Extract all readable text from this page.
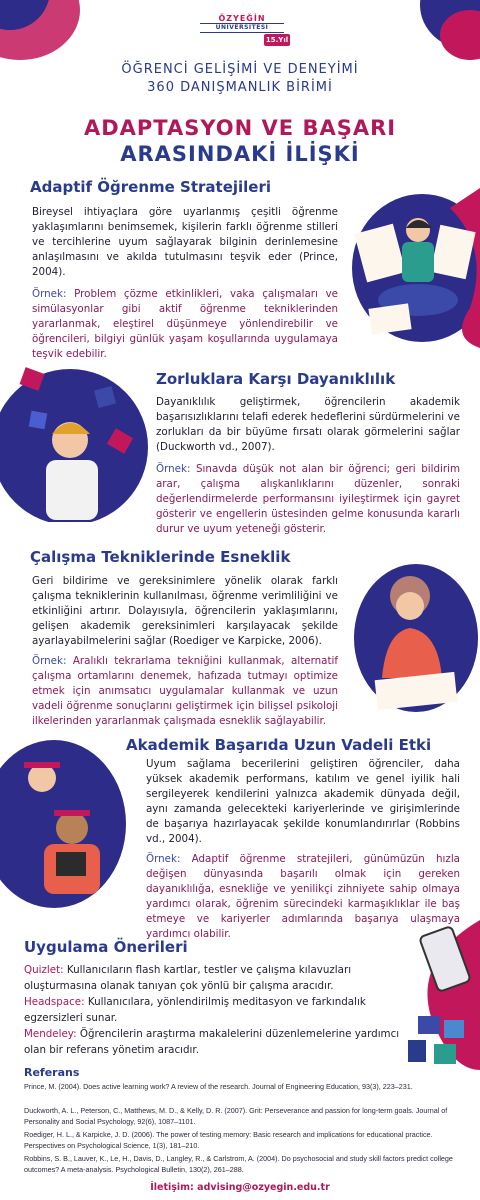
ÖZYEĞİN
ÜNİVERSİTESİ
15.Yıl
ÖĞRENCİ GELİŞİMİ VE DENEYİMİ
360 DANIŞMANLIK BİRİMİ
ADAPTASYON VE BAŞARI
ARASINDAKİ İLİŞKİ
Adaptif Öğrenme Stratejileri
Bireysel ihtiyaçlara göre uyarlanmış çeşitli öğrenme yaklaşımlarını benimsemek, kişilerin farklı öğrenme stilleri ve tercihlerine uyum sağlayarak bilginin derinlemesine anlaşılmasını ve akılda tutulmasını teşvik eder (Prince, 2004).
Örnek: Problem çözme etkinlikleri, vaka çalışmaları ve simülasyonlar gibi aktif öğrenme tekniklerinden yararlanmak, eleştirel düşünmeye yönlendirebilir ve öğrencileri, bilgiyi günlük yaşam koşullarında uygulamaya teşvik edebilir.
Zorluklara Karşı Dayanıklılık
Dayanıklılık geliştirmek, öğrencilerin akademik başarısızlıklarını telafi ederek hedeflerini sürdürmelerini ve zorlukları da bir büyüme fırsatı olarak görmelerini sağlar (Duckworth vd., 2007).
Örnek: Sınavda düşük not alan bir öğrenci; geri bildirim arar, çalışma alışkanlıklarını düzenler, sonraki değerlendirmelerde performansını iyileştirmek için gayret gösterir ve engellerin üstesinden gelme konusunda kararlı durur ve uyum yeteneği gösterir.
Çalışma Tekniklerinde Esneklik
Geri bildirime ve gereksinimlere yönelik olarak farklı çalışma tekniklerinin kullanılması, öğrenme verimliliğini ve etkinliğini artırır. Dolayısıyla, öğrencilerin yaklaşımlarını, gelişen akademik gereksinimleri karşılayacak şekilde ayarlayabilmelerini sağlar (Roediger ve Karpicke, 2006).
Örnek: Aralıklı tekrarlama tekniğini kullanmak, alternatif çalışma ortamlarını denemek, hafızada tutmayı optimize etmek için anımsatıcı uygulamalar kullanmak ve uzun vadeli öğrenme sonuçlarını geliştirmek için bilişsel psikoloji ilkelerinden yararlanmak çalışmada esneklik sağlayabilir.
Akademik Başarıda Uzun Vadeli Etki
Uyum sağlama becerilerini geliştiren öğrenciler, daha yüksek akademik performans, katılım ve genel iyilik hali sergileyerek kendilerini yalnızca akademik dünyada değil, aynı zamanda gelecekteki kariyerlerinde ve girişimlerinde de başarıya hazırlayacak şekilde konumlandırırlar (Robbins vd., 2004).
Örnek: Adaptif öğrenme stratejileri, günümüzün hızla değişen dünyasında başarılı olmak için gereken dayanıklılığa, esnekliğe ve yenilikçi zihniyete sahip olmaya yardımcı olarak, öğrenim sürecindeki karmaşıklıklar ile baş etmeye ve kariyerler adımlarında başarıya ulaşmaya yardımcı olabilir.
Uygulama Önerileri
Quizlet: Kullanıcıların flash kartlar, testler ve çalışma kılavuzları oluşturmasına olanak tanıyan çok yönlü bir çalışma aracıdır.
Headspace: Kullanıcılara, yönlendirilmiş meditasyon ve farkındalık egzersizleri sunar.
Mendeley: Öğrencilerin araştırma makalelerini düzenlemelerine yardımcı olan bir referans yönetim aracıdır.
Referans
Prince, M. (2004). Does active learning work? A review of the research. Journal of Engineering Education, 93(3), 223–231.
Duckworth, A. L., Peterson, C., Matthews, M. D., & Kelly, D. R. (2007). Grit: Perseverance and passion for long-term goals. Journal of Personality and Social Psychology, 92(6), 1087–1101.
Roediger, H. L., & Karpicke, J. D. (2006). The power of testing memory: Basic research and implications for educational practice. Perspectives on Psychological Science, 1(3), 181–210.
Robbins, S. B., Lauver, K., Le, H., Davis, D., Langley, R., & Carlstrom, A. (2004). Do psychosocial and study skill factors predict college outcomes? A meta-analysis. Psychological Bulletin, 130(2), 261–288.
İletişim: advising@ozyegin.edu.tr
